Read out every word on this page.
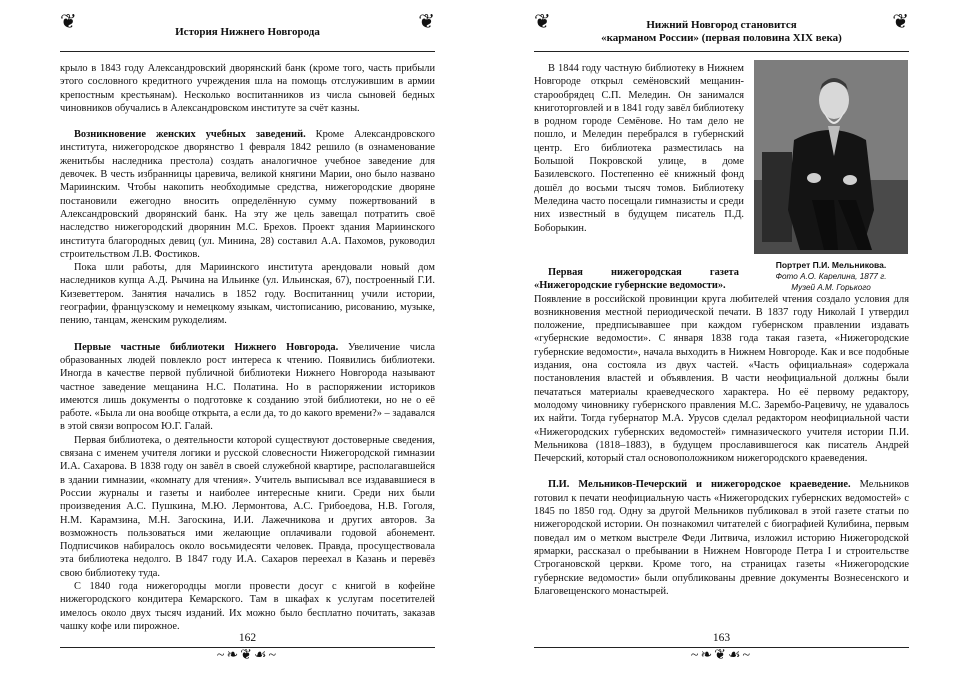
❦	История Нижнего Новгорода	❦

крыло в 1843 году Александровский дворянский банк (кроме того, часть прибыли этого сословного кредитного учреждения шла на помощь отслужившим в армии крепостным крестьянам). Несколько воспитанников из числа сыновей бедных чиновников обучались в Александровском институте за счёт казны.

Возникновение женских учебных заведений. Кроме Александровского института, нижегородское дворянство 1 февраля 1842 решило (в ознаменование женитьбы наследника престола) создать аналогичное учебное заведение для девочек. В честь избранницы царевича, великой княгини Марии, оно было названо Мариинским. Чтобы накопить необходимые средства, нижегородские дворяне постановили ежегодно вносить определённую сумму пожертвований в Александровский дворянский банк. На эту же цель завещал потратить своё наследство нижегородский дворянин М.С. Брехов. Проект здания Мариинского института благородных девиц (ул. Минина, 28) составил А.А. Пахомов, руководил строительством Л.В. Фостиков.

Пока шли работы, для Мариинского института арендовали новый дом наследников купца А.Д. Рычина на Ильинке (ул. Ильинская, 67), построенный Г.И. Кизеветтером. Занятия начались в 1852 году. Воспитанниц учили истории, географии, французскому и немецкому языкам, чистописанию, рисованию, музыке, пению, танцам, женским рукоделиям.

Первые частные библиотеки Нижнего Новгорода. Увеличение числа образованных людей повлекло рост интереса к чтению. Появились библиотеки. Иногда в качестве первой публичной библиотеки Нижнего Новгорода называют частное заведение мещанина Н.С. Полатина. Но в распоряжении историков имеются лишь документы о подготовке к созданию этой библиотеки, но не о её работе. «Была ли она вообще открыта, а если да, то до какого времени?» – задавался в этой связи вопросом Ю.Г. Галай.

Первая библиотека, о деятельности которой существуют достоверные сведения, связана с именем учителя логики и русской словесности Нижегородской гимназии И.А. Сахарова. В 1838 году он завёл в своей служебной квартире, располагавшейся в здании гимназии, «комнату для чтения». Учитель выписывал все издававшиеся в России журналы и газеты и наиболее интересные книги. Среди них были произведения А.С. Пушкина, М.Ю. Лермонтова, А.С. Грибоедова, Н.В. Гоголя, Н.М. Карамзина, М.Н. Загоскина, И.И. Лажечникова и других авторов. За возможность пользоваться ими желающие оплачивали годовой абонемент. Подписчиков набиралось около восьмидесяти человек. Правда, просуществовала эта библиотека недолго. В 1847 году И.А. Сахаров переехал в Казань и перевёз свою библиотеку туда.

С 1840 года нижегородцы могли провести досуг с книгой в кофейне нижегородского кондитера Кемарского. Там в шкафах к услугам посетителей имелось около двух тысяч изданий. Их можно было бесплатно почитать, заказав чашку кофе или пирожное.

162
~❧❦☙~
❦	Нижний Новгород становится
«карманом России» (первая половина XIX века)
❦

В 1844 году частную библиотеку в Нижнем Новгороде открыл семёновский мещанин-старообрядец С.П. Меледин. Он занимался книготорговлей и в 1841 году завёл библиотеку в родном городе Семёнове. Но там дело не пошло, и Меледин перебрался в губернский центр. Его библиотека разместилась на Большой Покровской улице, в доме Базилевского. Постепенно её книжный фонд дошёл до восьми тысяч томов. Библиотеку Меледина часто посещали гимназисты и среди них известный в будущем писатель П.Д. Боборыкин.

Портрет П.И. Мельникова.
Фото А.О. Карелина, 1877 г.
Музей А.М. Горького

Первая нижегородская газета «Нижегородские губернские ведомости».

Появление в российской провинции круга любителей чтения создало условия для возникновения местной периодической печати. В 1837 году Николай I утвердил положение, предписывавшее при каждом губернском правлении издавать «губернские ведомости». С января 1838 года такая газета, «Нижегородские губернские ведомости», начала выходить в Нижнем Новгороде. Как и все подобные издания, она состояла из двух частей. «Часть официальная» содержала постановления властей и объявления. В части неофициальной должны были печататься материалы краеведческого характера. Но её первому редактору, молодому чиновнику губернского правления М.С. Зарембо-Рацевичу, не удавалось их найти. Тогда губернатор М.А. Урусов сделал редактором неофициальной части «Нижегородских губернских ведомостей» гимназического учителя истории П.И. Мельникова (1818–1883), в будущем прославившегося как писатель Андрей Печерский, который стал основоположником нижегородского краеведения.

П.И. Мельников-Печерский и нижегородское краеведение. Мельников готовил к печати неофициальную часть «Нижегородских губернских ведомостей» с 1845 по 1850 год. Одну за другой Мельников публиковал в этой газете статьи по нижегородской истории. Он познакомил читателей с биографией Кулибина, первым поведал им о метком выстреле Феди Литвича, изложил историю Нижегородской ярмарки, рассказал о пребывании в Нижнем Новгороде Петра I и строительстве Строгановской церкви. Кроме того, на страницах газеты «Нижегородские губернские ведомости» были опубликованы древние документы Вознесенского и Благовещенского монастырей.

163
~❧❦☙~
